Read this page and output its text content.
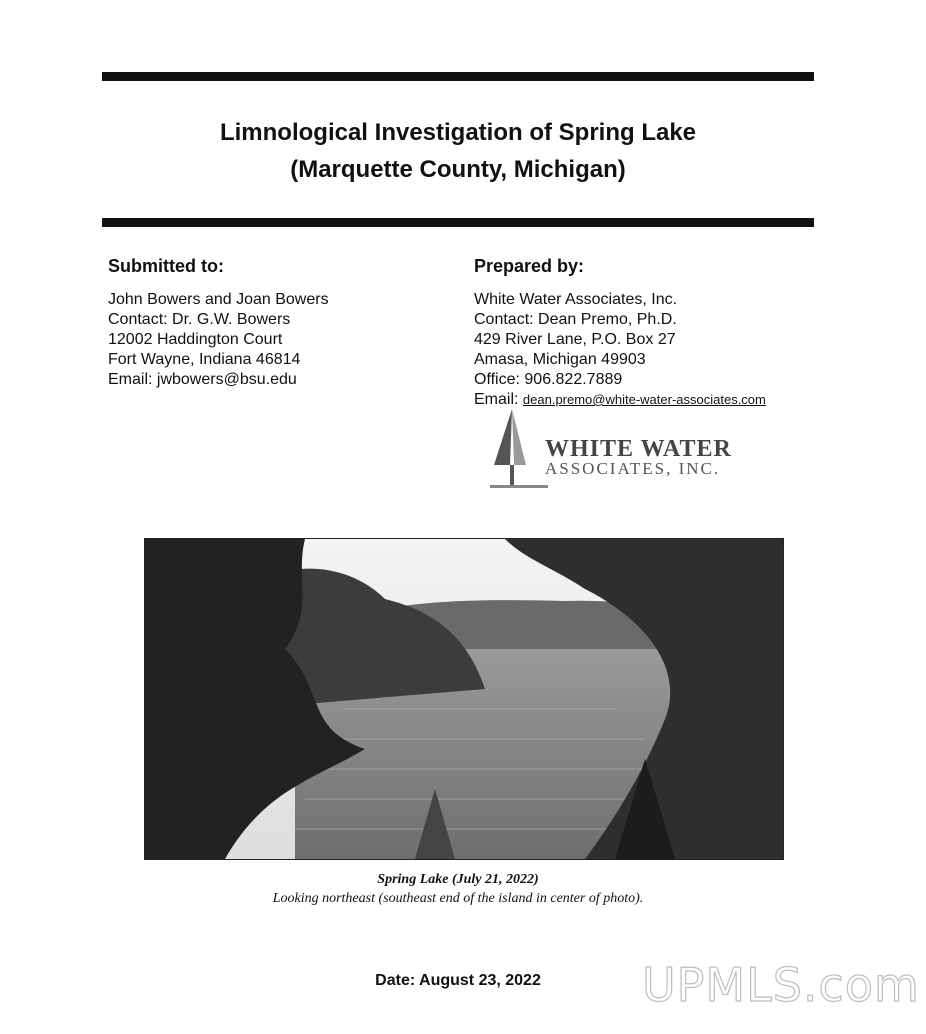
Limnological Investigation of Spring Lake
(Marquette County, Michigan)
Submitted to:
John Bowers and Joan Bowers
Contact: Dr. G.W. Bowers
12002 Haddington Court
Fort Wayne, Indiana 46814
Email: jwbowers@bsu.edu
Prepared by:
White Water Associates, Inc.
Contact: Dean Premo, Ph.D.
429 River Lane, P.O. Box 27
Amasa, Michigan 49903
Office: 906.822.7889
Email: dean.premo@white-water-associates.com
WHITE WATER
ASSOCIATES, INC.
Spring Lake (July 21, 2022)
Looking northeast (southeast end of the island in center of photo).
Date: August 23, 2022	UPMLS.com
